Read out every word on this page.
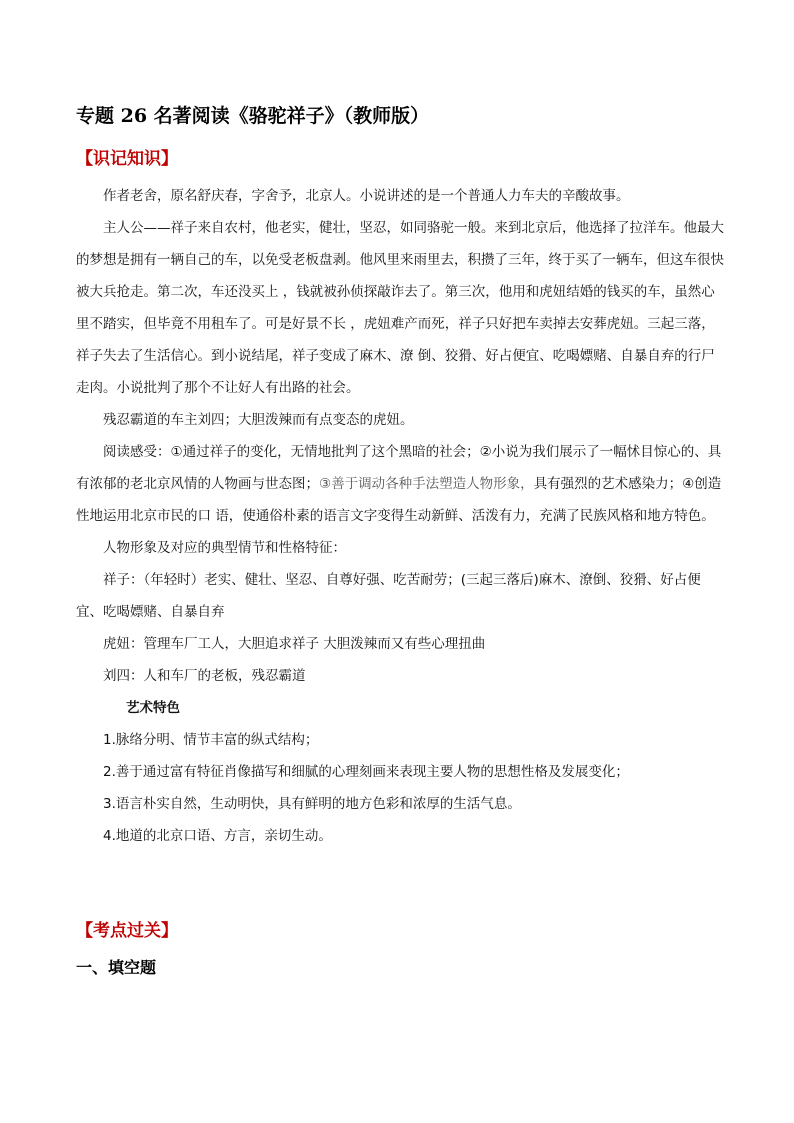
专题 26 名著阅读《骆驼祥子》（教师版）
【识记知识】

作者老舍，原名舒庆春，字舍予，北京人。小说讲述的是一个普通人力车夫的辛酸故事。

主人公——祥子来自农村，他老实，健壮，坚忍，如同骆驼一般。来到北京后，他选择了拉洋车。他最大的梦想是拥有一辆自己的车，以免受老板盘剥。他风里来雨里去，积攒了三年，终于买了一辆车，但这车很快被大兵抢走。第二次，车还没买上 ，钱就被孙侦探敲诈去了。第三次，他用和虎妞结婚的钱买的车，虽然心里不踏实，但毕竟不用租车了。可是好景不长 ，虎妞难产而死，祥子只好把车卖掉去安葬虎妞。三起三落，祥子失去了生活信心。到小说结尾，祥子变成了麻木、潦 倒、狡猾、好占便宜、吃喝嫖赌、自暴自弃的行尸走肉。小说批判了那个不让好人有出路的社会。

残忍霸道的车主刘四；大胆泼辣而有点变态的虎妞。

阅读感受：①通过祥子的变化，无情地批判了这个黑暗的社会；②小说为我们展示了一幅怵目惊心的、具有浓郁的老北京风情的人物画与世态图；③善于调动各种手法塑造人物形象，具有强烈的艺术感染力；④创造性地运用北京市民的口 语，使通俗朴素的语言文字变得生动新鲜、活泼有力，充满了民族风格和地方特色。

人物形象及对应的典型情节和性格特征：

祥子：（年轻时）老实、健壮、坚忍、自尊好强、吃苦耐劳；(三起三落后)麻木、潦倒、狡猾、好占便宜、吃喝嫖赌、自暴自弃

虎妞：管理车厂工人，大胆追求祥子 大胆泼辣而又有些心理扭曲

刘四：人和车厂的老板，残忍霸道

艺术特色

1.脉络分明、情节丰富的纵式结构；

2.善于通过富有特征肖像描写和细腻的心理刻画来表现主要人物的思想性格及发展变化；

3.语言朴实自然，生动明快，具有鲜明的地方色彩和浓厚的生活气息。

4.地道的北京口语、方言，亲切生动。

【考点过关】
一、填空题
